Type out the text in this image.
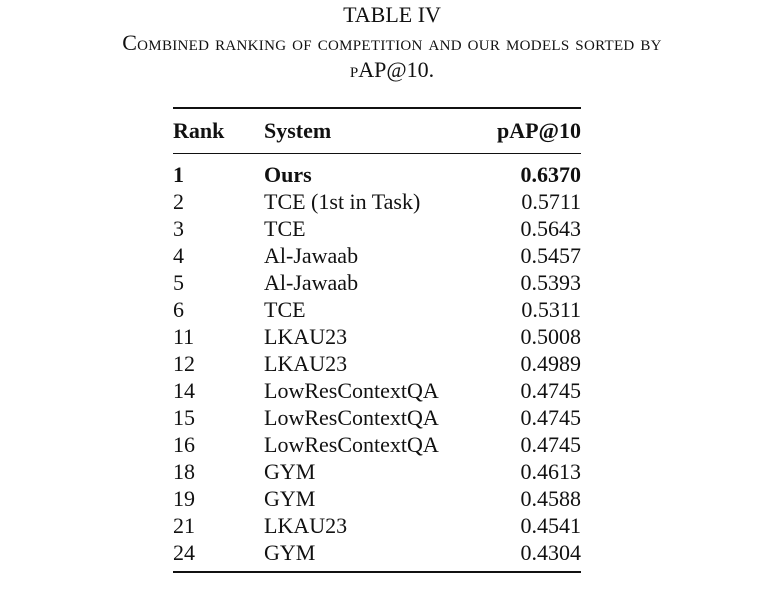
TABLE IV
Combined ranking of competition and our models sorted by
pAP@10.
Rank	System	pAP@10
1	Ours	0.6370
2	TCE (1st in Task)	0.5711
3	TCE	0.5643
4	Al-Jawaab	0.5457
5	Al-Jawaab	0.5393
6	TCE	0.5311
11	LKAU23	0.5008
12	LKAU23	0.4989
14	LowResContextQA	0.4745
15	LowResContextQA	0.4745
16	LowResContextQA	0.4745
18	GYM	0.4613
19	GYM	0.4588
21	LKAU23	0.4541
24	GYM	0.4304
